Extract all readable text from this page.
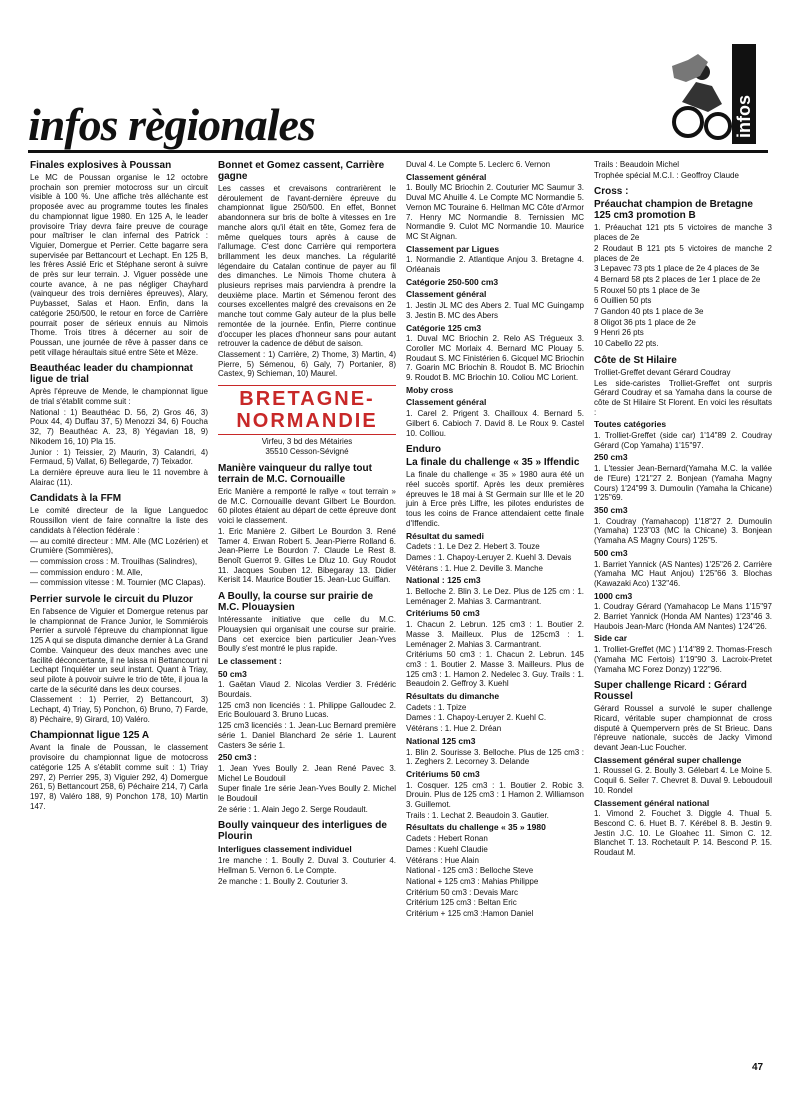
infos règionales	infos
Finales explosives à Poussan

Le MC de Poussan organise le 12 octobre prochain son premier motocross sur un circuit visible à 100 %. Une affiche très alléchante est proposée avec au programme toutes les finales du championnat ligue 1980. En 125 A, le leader provisoire Triay devra faire preuve de courage pour maîtriser le clan infernal des Patrick : Viguier, Domergue et Perrier. Cette bagarre sera supervisée par Bettancourt et Lechapt. En 125 B, les frères Assié Eric et Stéphane seront à suivre de près sur leur terrain. J. Viguer possède une courte avance, à ne pas négliger Chayhard (vainqueur des trois dernières épreuves), Alary, Puybasset, Salas et Haon. Enfin, dans la catégorie 250/500, le retour en force de Carrière pourrait poser de sérieux ennuis au Nimois Thome. Trois titres à décerner au soir de Poussan, une journée de rêve à passer dans ce petit village héraultais situé entre Sète et Mèze.

Beauthéac leader du championnat ligue de trial

Après l'épreuve de Mende, le championnat ligue de trial s'établit comme suit :

National : 1) Beauthéac D. 56, 2) Gros 46, 3) Poux 44, 4) Duffau 37, 5) Menozzi 34, 6) Foucha 32, 7) Beauthéac A. 23, 8) Yégavian 18, 9) Nikodem 16, 10) Pla 15.

Junior : 1) Teissier, 2) Maurin, 3) Calandri, 4) Fermaud, 5) Vallat, 6) Bellegarde, 7) Teixador.

La dernière épreuve aura lieu le 11 novembre à Alairac (11).

Candidats à la FFM

Le comité directeur de la ligue Languedoc Roussillon vient de faire connaître la liste des candidats à l'élection fédérale :

— au comité directeur : MM. Alle (MC Lozérien) et Crumière (Sommières),

— commission cross : M. Trouilhas (Salindres),

— commission enduro : M. Alle,

— commission vitesse : M. Tournier (MC Clapas).

Perrier survole le circuit du Pluzor

En l'absence de Viguier et Domergue retenus par le championnat de France Junior, le Sommiérois Perrier a survolé l'épreuve du championnat ligue 125 A qui se disputa dimanche dernier à La Grand Combe. Vainqueur des deux manches avec une facilité déconcertante, il ne laissa ni Bettancourt ni Lechapt l'inquiéter un seul instant. Quant à Triay, seul pilote à pouvoir suivre le trio de tête, il joua la carte de la sécurité dans les deux courses.

Classement : 1) Perrier, 2) Bettancourt, 3) Lechapt, 4) Triay, 5) Ponchon, 6) Bruno, 7) Farde, 8) Péchaire, 9) Girard, 10) Valéro.

Championnat ligue 125 A

Avant la finale de Poussan, le classement provisoire du championnat ligue de motocross catégorie 125 A s'établit comme suit : 1) Triay 297, 2) Perrier 295, 3) Viguier 292, 4) Domergue 261, 5) Bettancourt 258, 6) Péchaire 214, 7) Carla 197, 8) Valéro 188, 9) Ponchon 178, 10) Martin 147.

Bonnet et Gomez cassent, Carrière gagne

Les casses et crevaisons contrarièrent le déroulement de l'avant-dernière épreuve du championnat ligue 250/500. En effet, Bonnet abandonnera sur bris de boîte à vitesses en 1re manche alors qu'il était en tête, Gomez fera de même quelques tours après à cause de l'allumage. C'est donc Carrière qui remportera brillamment les deux manches. La régularité légendaire du Catalan continue de payer au fil des dimanches. Le Nimois Thome chutera à plusieurs reprises mais parviendra à prendre la deuxième place. Martin et Sémenou feront des courses excellentes malgré des crevaisons en 2e manche tout comme Galy auteur de la plus belle remontée de la journée. Enfin, Pierre continue d'occuper les places d'honneur sans pour autant retrouver la cadence de début de saison.

Classement : 1) Carrière, 2) Thome, 3) Martin, 4) Pierre, 5) Sémenou, 6) Galy, 7) Portanier, 8) Castex, 9) Schieman, 10) Maurel.

BRETAGNE-
NORMANDIE
Virfeu, 3 bd des Métairies
35510 Cesson-Sévigné
Manière vainqueur du rallye tout terrain de M.C. Cornouaille

Eric Manière a remporté le rallye « tout terrain » de M.C. Cornouaille devant Gilbert Le Bourdon. 60 pilotes étaient au départ de cette épreuve dont voici le classement.

1. Eric Manière 2. Gilbert Le Bourdon 3. René Tamer 4. Erwan Robert 5. Jean-Pierre Rolland 6. Jean-Pierre Le Bourdon 7. Claude Le Rest 8. Benoît Guerrot 9. Gilles Le Dluz 10. Guy Roudot 11. Jacques Souben 12. Bibegaray 13. Didier Kerisit 14. Maurice Boutier 15. Jean-Luc Guiffan.

A Boully, la course sur prairie de M.C. Plouaysien

Intéressante initiative que celle du M.C. Plouaysien qui organisait une course sur prairie. Dans cet exercice bien particulier Jean-Yves Boully s'est montré le plus rapide.

Le classement :
50 cm3

1. Gaëtan Viaud 2. Nicolas Verdier 3. Frédéric Bourdais.

125 cm3 non licenciés : 1. Philippe Galloudec 2. Eric Boulouard 3. Bruno Lucas.

125 cm3 licenciés : 1. Jean-Luc Bernard première série 1. Daniel Blanchard 2e série 1. Laurent Casters 3e série 1.

250 cm3 :

1. Jean Yves Boully 2. Jean René Pavec 3. Michel Le Boudouil

Super finale 1re série Jean-Yves Boully 2. Michel le Boudouil

2e série : 1. Alain Jego 2. Serge Roudault.

Boully vainqueur des interligues de Plourin
Interligues classement individuel

1re manche : 1. Boully 2. Duval 3. Couturier 4. Hellman 5. Vernon 6. Le Compte.

2e manche : 1. Boully 2. Couturier 3.

Duval 4. Le Compte 5. Leclerc 6. Vernon

Classement général

1. Boully MC Briochin 2. Couturier MC Saumur 3. Duval MC Ahuille 4. Le Compte MC Normandie 5. Vernon MC Touraine 6. Hellman MC Côte d'Armor 7. Henry MC Normandie 8. Ternissien MC Normandie 9. Culot MC Normandie 10. Maurice MC St Aignan.

Classement par Ligues

1. Normandie 2. Atlantique Anjou 3. Bretagne 4. Orléanais

Catégorie 250-500 cm3
Classement général

1. Jestin JL MC des Abers 2. Tual MC Guingamp 3. Jestin B. MC des Abers

Catégorie 125 cm3

1. Duval MC Briochin 2. Relo AS Trégueux 3. Coroller MC Morlaix 4. Bernard MC Plouay 5. Roudaut S. MC Finistérien 6. Gicquel MC Briochin 7. Goarin MC Briochin 8. Roudot B. MC Briochin 9. Roudot B. MC Briochin 10. Coliou MC Lorient.

Moby cross
Classement général

1. Carel 2. Prigent 3. Chailloux 4. Bernard 5. Gilbert 6. Cabioch 7. David 8. Le Roux 9. Castel 10. Colliou.

Enduro
La finale du challenge « 35 » Iffendic

La finale du challenge « 35 » 1980 aura été un réel succès sportif. Après les deux premières épreuves le 18 mai à St Germain sur Ille et le 20 juin à Erce près Liffre, les pilotes enduristes de tous les coins de France attendaient cette finale d'Iffendic.

Résultat du samedi

Cadets : 1. Le Dez 2. Hebert 3. Touze

Dames : 1. Chapoy-Leruyer 2. Kuehl 3. Devais

Vétérans : 1. Hue 2. Deville 3. Manche

National : 125 cm3

1. Belloche 2. Blin 3. Le Dez. Plus de 125 cm : 1. Leménager 2. Mahias 3. Carmantrant.

Critériums 50 cm3

1. Chacun 2. Lebrun. 125 cm3 : 1. Boutier 2. Masse 3. Mailleux. Plus de 125cm3 : 1. Leménager 2. Mahias 3. Carmantrant.

Critériums 50 cm3 : 1. Chacun 2. Lebrun. 145 cm3 : 1. Boutier 2. Masse 3. Mailleurs. Plus de 125 cm3 : 1. Hamon 2. Nedelec 3. Guy. Trails : 1. Beaudoin 2. Geffroy 3. Kuehl

Résultats du dimanche

Cadets : 1. Tpize

Dames : 1. Chapoy-Leruyer 2. Kuehl C.

Vétérans : 1. Hue 2. Dréan

National 125 cm3

1. Blin 2. Sourisse 3. Belloche. Plus de 125 cm3 : 1. Zeghers 2. Lecorney 3. Delande

Critériums 50 cm3

1. Cosquer. 125 cm3 : 1. Boutier 2. Robic 3. Drouin. Plus de 125 cm3 : 1 Hamon 2. Williamson 3. Guillemot.

Trails : 1. Lechat 2. Beaudoin 3. Gautier.

Résultats du challenge « 35 » 1980

Cadets : Hebert Ronan

Dames : Kuehl Claudie

Vétérans : Hue Alain

National - 125 cm3 : Belloche Steve

National + 125 cm3 : Mahias Philippe

Critérium 50 cm3 : Devais Marc

Critérium 125 cm3 : Beltan Eric

Critérium + 125 cm3 :Hamon Daniel

Trails : Beaudoin Michel

Trophée spécial M.C.I. : Geoffroy Claude

Cross :
Préauchat champion de Bretagne 125 cm3 promotion B

1. Préauchat 121 pts 5 victoires de manche 3 places de 2e

2 Roudaut B 121 pts 5 victoires de manche 2 places de 2e

3 Lepavec 73 pts 1 place de 2e 4 places de 3e

4 Bernard 58 pts 2 places de 1er 1 place de 2e

5 Rouxel 50 pts 1 place de 3e

6 Ouillien 50 pts

7 Gandon 40 pts 1 place de 3e

8 Oligot 36 pts 1 place de 2e

9 Henri 26 pts

10 Cabello 22 pts.

Côte de St Hilaire

Trolliet-Greffet devant Gérard Coudray

Les side-caristes Trolliet-Greffet ont surpris Gérard Coudray et sa Yamaha dans la course de côte de St Hilaire St Florent. En voici les résultats :

Toutes catégories

1. Trolliet-Greffet (side car) 1'14"89 2. Coudray Gérard (Cop Yamaha) 1'15"97.

250 cm3

1. L'tessier Jean-Bernard(Yamaha M.C. la vallée de l'Eure) 1'21"27 2. Bonjean (Yamaha Magny Cours) 1'24"99 3. Dumoulin (Yamaha la Chicane) 1'25"69.

350 cm3

1. Coudray (Yamahacop) 1'18"27 2. Dumoulin (Yamaha) 1'23"03 (MC la Chicane) 3. Bonjean (Yamaha AS Magny Cours) 1'25"5.

500 cm3

1. Barriet Yannick (AS Nantes) 1'25"26 2. Carrière (Yamaha MC Haut Anjou) 1'25"66 3. Blochas (Kawazaki Aco) 1'32"46.

1000 cm3

1. Coudray Gérard (Yamahacop Le Mans 1'15"97 2. Barriet Yannick (Honda AM Nantes) 1'23"46 3. Haubois Jean-Marc (Honda AM Nantes) 1'24"26.

Side car

1. Trolliet-Greffet (MC ) 1'14"89 2. Thomas-Fresch (Yamaha MC Fertois) 1'19"90 3. Lacroix-Pretet (Yamaha MC Forez Donzy) 1'22"96.

Super challenge Ricard : Gérard Roussel

Gérard Roussel a survolé le super challenge Ricard, véritable super championnat de cross disputé à Quempervern près de St Brieuc. Dans l'épreuve nationale, succès de Jacky Vimond devant Jean-Luc Foucher.

Classement général super challenge

1. Roussel G. 2. Boully 3. Gélebart 4. Le Moine 5. Coquil 6. Seiler 7. Chevret 8. Duval 9. Leboudouil 10. Rondel

Classement général national

1. Vimond 2. Fouchet 3. Diggle 4. Thual 5. Bescond C. 6. Huet B. 7. Kérébel 8. B. Jestin 9. Jestin J.C. 10. Le Gloahec 11. Simon C. 12. Blanchet T. 13. Rochetault P. 14. Bescond P. 15. Roudaut M.

47
